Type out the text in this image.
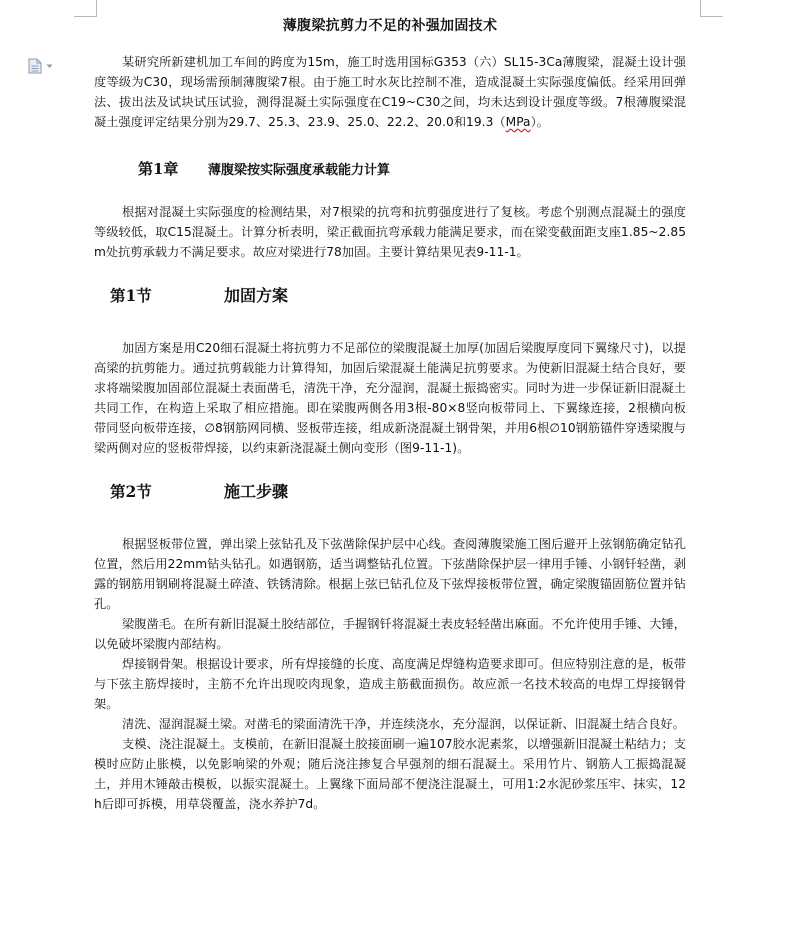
薄腹梁抗剪力不足的补强加固技术

某研究所新建机加工车间的跨度为15m，施工时选用国标G353（六）SL15-3Ca薄腹梁，混凝土设计强度等级为C30，现场需预制薄腹梁7根。由于施工时水灰比控制不准，造成混凝土实际强度偏低。经采用回弹法、拔出法及试块试压试验，测得混凝土实际强度在C19~C30之间，均未达到设计强度等级。7根薄腹梁混凝土强度评定结果分别为29.7、25.3、23.9、25.0、22.2、20.0和19.3（MPa）。

第1章 薄腹梁按实际强度承载能力计算

根据对混凝土实际强度的检测结果，对7根梁的抗弯和抗剪强度进行了复核。考虑个别测点混凝土的强度等级较低，取C15混凝土。计算分析表明，梁正截面抗弯承载力能满足要求，而在梁变截面距支座1.85~2.85m处抗剪承载力不满足要求。故应对梁进行78加固。主要计算结果见表9-11-1。

第1节	加固方案

加固方案是用C20细石混凝土将抗剪力不足部位的梁腹混凝土加厚(加固后梁腹厚度同下翼缘尺寸)，以提高梁的抗剪能力。通过抗剪载能力计算得知，加固后梁混凝土能满足抗剪要求。为使新旧混凝土结合良好，要求将端梁腹加固部位混凝土表面凿毛，清洗干净，充分湿润，混凝土振捣密实。同时为进一步保证新旧混凝土共同工作，在构造上采取了相应措施。即在梁腹两侧各用3根-80×8竖向板带同上、下翼缘连接，2根横向板带同竖向板带连接，∅8钢筋网同横、竖板带连接，组成新浇混凝土钢骨架，并用6根∅10钢筋锚件穿透梁腹与梁两侧对应的竖板带焊接，以约束新浇混凝土侧向变形（图9-11-1)。

第2节	施工步骤

根据竖板带位置，弹出梁上弦钻孔及下弦凿除保护层中心线。查阅薄腹梁施工图后避开上弦钢筋确定钻孔位置，然后用22mm钻头钻孔。如遇钢筋，适当调整钻孔位置。下弦凿除保护层一律用手锤、小钢钎轻凿，剥露的钢筋用钢刷将混凝土碎渣、铁锈清除。根据上弦已钻孔位及下弦焊接板带位置，确定梁腹锚固筋位置并钻孔。

梁腹凿毛。在所有新旧混凝土胶结部位，手握钢钎将混凝土表皮轻轻凿出麻面。不允许使用手锤、大锤，以免破坏梁腹内部结构。

焊接钢骨架。根据设计要求，所有焊接缝的长度、高度满足焊缝构造要求即可。但应特别注意的是，板带与下弦主筋焊接时，主筋不允许出现咬肉现象，造成主筋截面损伤。故应派一名技术较高的电焊工焊接钢骨架。

清洗、湿润混凝土梁。对凿毛的梁面清洗干净，并连续浇水，充分湿润，以保证新、旧混凝土结合良好。

支模、浇注混凝土。支模前，在新旧混凝土胶接面刷一遍107胶水泥素浆，以增强新旧混凝土粘结力；支模时应防止胀模，以免影响梁的外观；随后浇注掺复合早强剂的细石混凝土。采用竹片、钢筋人工振捣混凝土，并用木锤敲击模板，以振实混凝土。上翼缘下面局部不便浇注混凝土，可用1:2水泥砂浆压牢、抹实，12h后即可拆模，用草袋覆盖，浇水养护7d。
